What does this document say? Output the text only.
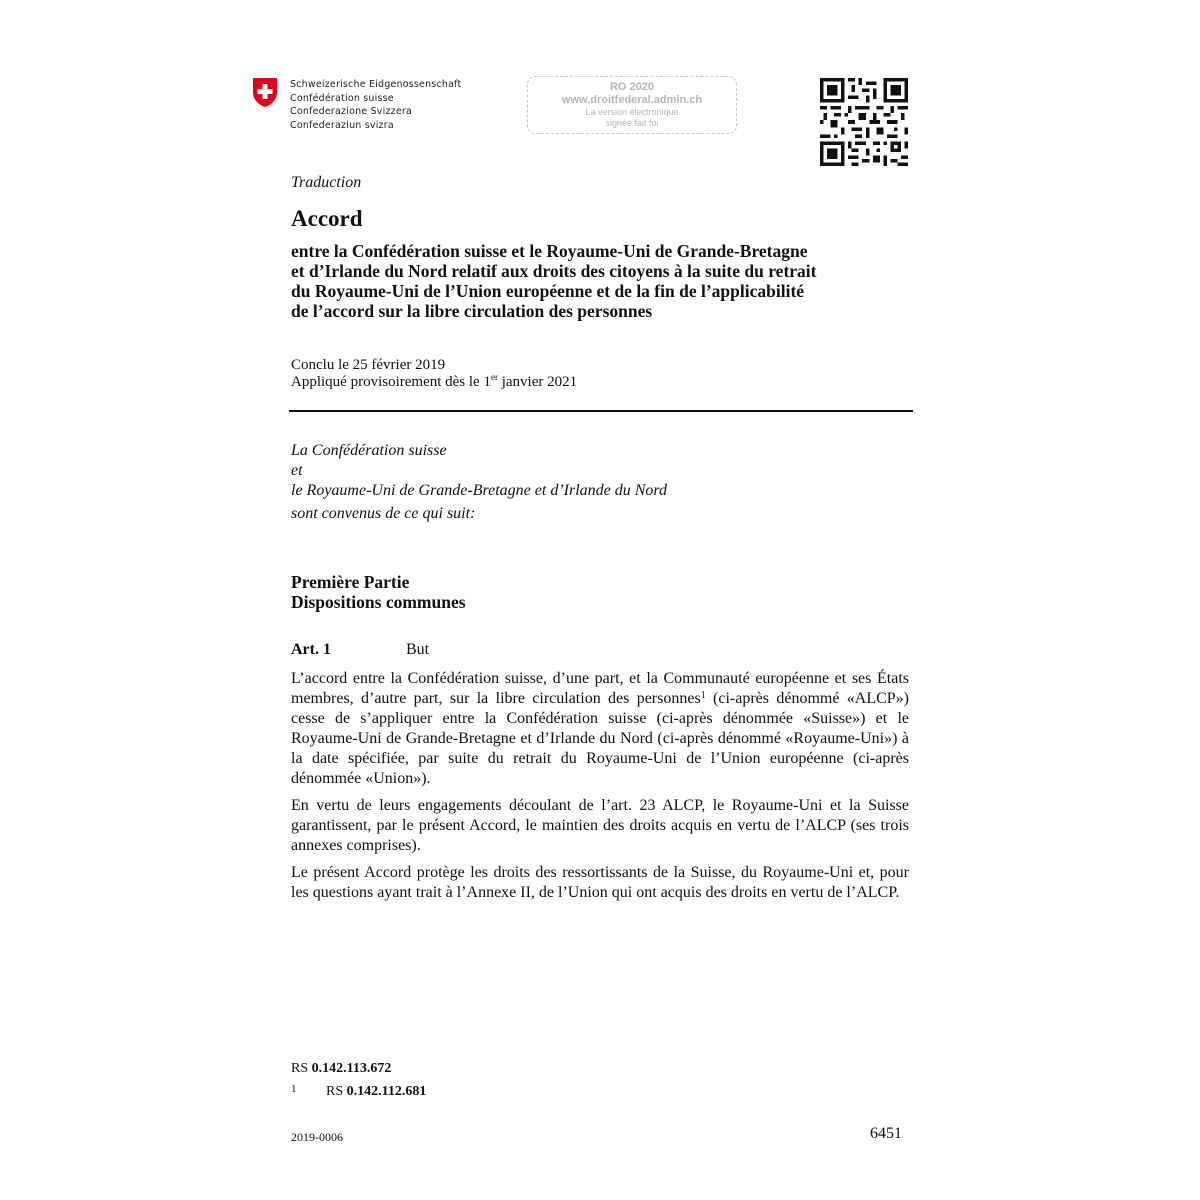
Schweizerische Eidgenossenschaft
Confédération suisse
Confederazione Svizzera
Confederaziun svizra
RO 2020
www.droitfederal.admin.ch
La version électronique
signée fait foi
Traduction
Accord
entre la Confédération suisse et le Royaume-Uni de Grande-Bretagne
et d’Irlande du Nord relatif aux droits des citoyens à la suite du retrait
du Royaume-Uni de l’Union européenne et de la fin de l’applicabilité
de l’accord sur la libre circulation des personnes
Conclu le 25 février 2019
Appliqué provisoirement dès le 1er janvier 2021
La Confédération suisse
et
le Royaume-Uni de Grande-Bretagne et d’Irlande du Nord
sont convenus de ce qui suit:
Première Partie
Dispositions communes
Art. 1	But

L’accord entre la Confédération suisse, d’une part, et la Communauté européenne et ses États membres, d’autre part, sur la libre circulation des personnes$^1$ (ci-après dénommé «ALCP») cesse de s’appliquer entre la Confédération suisse (ci-après dénommée «Suisse») et le Royaume-Uni de Grande-Bretagne et d’Irlande du Nord (ci-après dénommé «Royaume-Uni») à la date spécifiée, par suite du retrait du Royaume-Uni de l’Union européenne (ci-après dénommée «Union»).

En vertu de leurs engagements découlant de l’art. 23 ALCP, le Royaume-Uni et la Suisse garantissent, par le présent Accord, le maintien des droits acquis en vertu de l’ALCP (ses trois annexes comprises).

Le présent Accord protège les droits des ressortissants de la Suisse, du Royaume-Uni et, pour les questions ayant trait à l’Annexe II, de l’Union qui ont acquis des droits en vertu de l’ALCP.

RS 0.142.113.672
1 RS 0.142.112.681
2019-0006	6451
